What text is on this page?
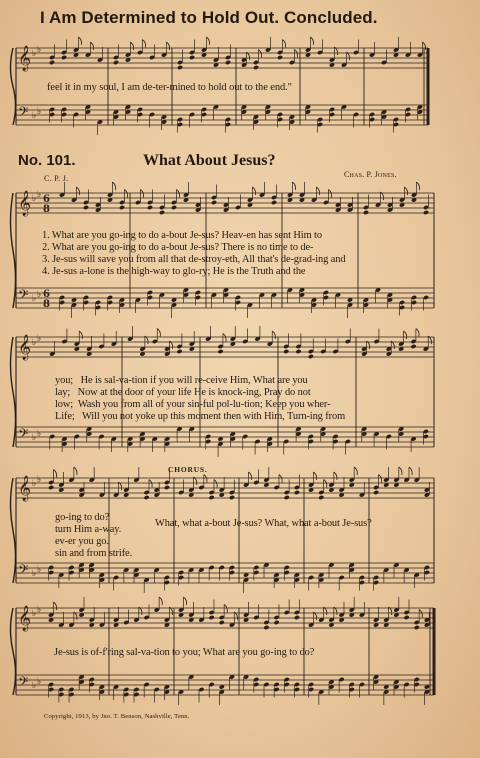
𝄞
𝄢
♭ ♭
♭ ♭
𝄞
𝄢
♭ ♭
♭ ♭
6
8
6
8
𝄞
𝄢
♭ ♭
♭ ♭
𝄞
𝄢
♭ ♭
♭ ♭
𝄞
𝄢
♭ ♭
♭ ♭
I Am Determined to Hold Out. Concluded.
feel it in my soul, I am de-ter-mined to hold out to the end."
No. 101.	What About Jesus?
C. P. J.	Chas. P. Jones.
1. What are you go-ing to do a-bout Je-sus? Heav-en has sent Him to
2. What are you go-ing to do a-bout Je-sus? There is no time to de-
3. Je-sus will save you from all that de-stroy-eth, All that's de-grad-ing and
4. Je-sus a-lone is the high-way to glo-ry; He is the Truth and the
you;   He is sal-va-tion if you will re-ceive Him, What are you
lay;   Now at the door of your life He is knock-ing, Pray do not
low;  Wash you from all of your sin-ful pol-lu-tion; Keep you wher-
Life;   Will you not yoke up this moment then with Him, Turn-ing from
CHORUS.
go-ing to do?
turn Him a-way.
ev-er you go.
sin and from strife.
What, what a-bout Je-sus? What, what a-bout Je-sus?
Je-sus is of-f'ring sal-va-tion to you; What are you go-ing to do?
Copyright, 1913, by Jno. T. Benson, Nashville, Tenn.
